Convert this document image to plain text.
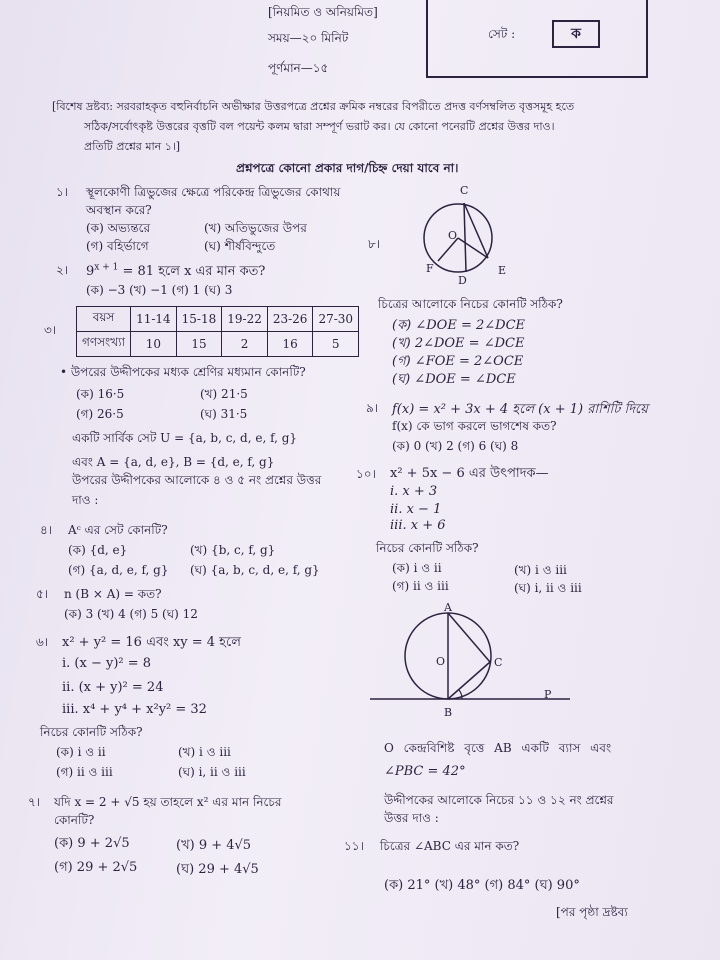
[নিয়মিত ও অনিয়মিত]
সময়—২০ মিনিট
পূর্ণমান—১৫
সেট :	ক
[বিশেষ দ্রষ্টব্য: সরবরাহকৃত বহুনির্বাচনি অভীক্ষার উত্তরপত্রে প্রশ্নের ক্রমিক নম্বরের বিপরীতে প্রদত্ত বর্ণসম্বলিত বৃত্তসমূহ হতে
সঠিক/সর্বোৎকৃষ্ট উত্তরের বৃত্তটি বল পয়েন্ট কলম দ্বারা সম্পূর্ণ ভরাট কর। যে কোনো পনেরটি প্রশ্নের উত্তর দাও।
প্রতিটি প্রশ্নের মান ১।]
প্রশ্নপত্রে কোনো প্রকার দাগ/চিহ্ন দেয়া যাবে না।
১। স্থূলকোণী ত্রিভুজের ক্ষেত্রে পরিকেন্দ্র ত্রিভুজের কোথায়
অবস্থান করে?
(ক) অভ্যন্তরে	(খ) অতিভুজের উপর
(গ) বহির্ভাগে	(ঘ) শীর্ষবিন্দুতে
২। $9^{x + 1} = 81$ হলে x এর মান কত?
(ক) −3 (খ) −1 (গ) 1 (ঘ) 3
৩।
বয়স	11-14	15-18	19-22	23-26	27-30
গণসংখ্যা	10	15	2	16	5
• উপরের উদ্দীপকের মধ্যক শ্রেণির মধ্যমান কোনটি?
(ক) 16·5	(খ) 21·5
(গ) 26·5	(ঘ) 31·5
একটি সার্বিক সেট U = {a, b, c, d, e, f, g}
এবং A = {a, d, e}, B = {d, e, f, g}
উপরের উদ্দীপকের আলোকে ৪ ও ৫ নং প্রশ্নের উত্তর
দাও :
৪। Aᶜ এর সেট কোনটি?
(ক) {d, e}	(খ) {b, c, f, g}
(গ) {a, d, e, f, g} (ঘ) {a, b, c, d, e, f, g}
৫। n (B × A) = কত?
(ক) 3 (খ) 4 (গ) 5 (ঘ) 12
৬। x² + y² = 16 এবং xy = 4 হলে
i. (x − y)² = 8
ii. (x + y)² = 24
iii. x⁴ + y⁴ + x²y² = 32
নিচের কোনটি সঠিক?
(ক) i ও ii	(খ) i ও iii
(গ) ii ও iii	(ঘ) i, ii ও iii
৭। যদি x = 2 + √5 হয় তাহলে x² এর মান নিচের
কোনটি?
(ক) 9 + 2√5	(খ) 9 + 4√5
(গ) 29 + 2√5	(ঘ) 29 + 4√5
৮।
C
O
F
D
E
চিত্রের আলোকে নিচের কোনটি সঠিক?
(ক) ∠DOE = 2∠DCE
(খ) 2∠DOE = ∠DCE
(গ) ∠FOE = 2∠OCE
(ঘ) ∠DOE = ∠DCE
৯। f(x) = x² + 3x + 4 হলে (x + 1) রাশিটি দিয়ে
f(x) কে ভাগ করলে ভাগশেষ কত?
(ক) 0 (খ) 2 (গ) 6 (ঘ) 8
১০। x² + 5x − 6 এর উৎপাদক—
i. x + 3
ii. x − 1
iii. x + 6
নিচের কোনটি সঠিক?
(ক) i ও ii	(খ) i ও iii
(গ) ii ও iii	(ঘ) i, ii ও iii
A
O	C
P
B
O কেন্দ্রবিশিষ্ট বৃত্তে AB একটি ব্যাস এবং
∠PBC = 42°
উদ্দীপকের আলোকে নিচের ১১ ও ১২ নং প্রশ্নের
উত্তর দাও :
১১। চিত্রের ∠ABC এর মান কত?
(ক) 21° (খ) 48° (গ) 84° (ঘ) 90°
[পর পৃষ্ঠা দ্রষ্টব্য
